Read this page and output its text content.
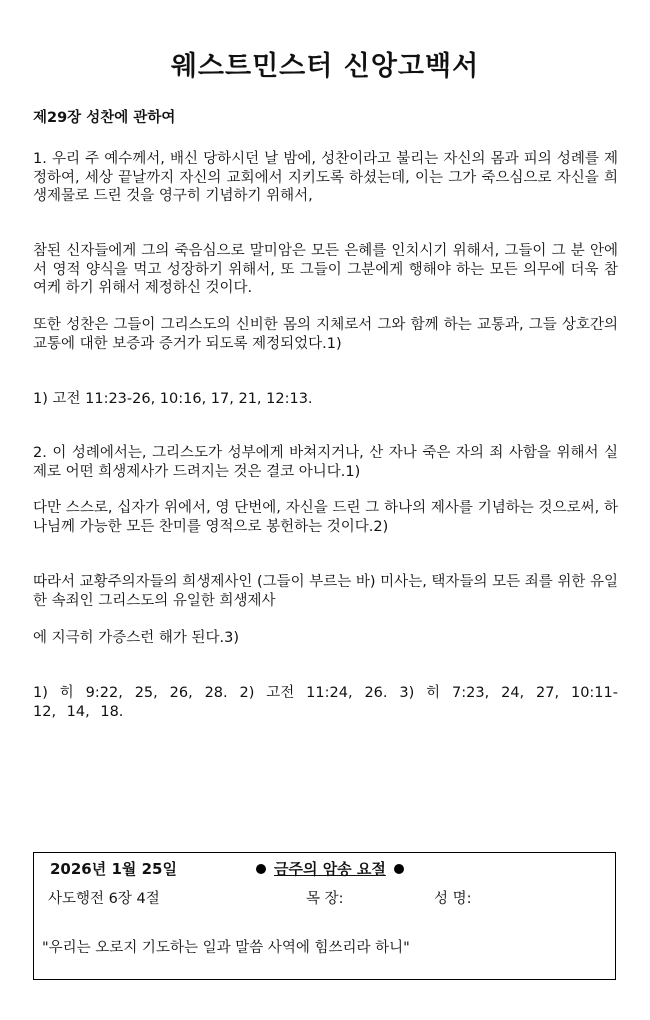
웨스트민스터 신앙고백서
제29장 성찬에 관하여
1. 우리 주 예수께서, 배신 당하시던 날 밤에, 성찬이라고 불리는 자신의 몸과 피의 성례를 제정하여, 세상 끝날까지 자신의 교회에서 지키도록 하셨는데, 이는 그가 죽으심으로 자신을 희생제물로 드린 것을 영구히 기념하기 위해서,
참된 신자들에게 그의 죽음심으로 말미암은 모든 은혜를 인치시기 위해서, 그들이 그 분 안에서 영적 양식을 먹고 성장하기 위해서, 또 그들이 그분에게 행해야 하는 모든 의무에 더욱 참여케 하기 위해서 제정하신 것이다.
또한 성찬은 그들이 그리스도의 신비한 몸의 지체로서 그와 함께 하는 교통과, 그들 상호간의 교통에 대한 보증과 증거가 되도록 제정되었다.1)
1) 고전 11:23-26, 10:16, 17, 21, 12:13.
2. 이 성례에서는, 그리스도가 성부에게 바쳐지거나, 산 자나 죽은 자의 죄 사함을 위해서 실제로 어떤 희생제사가 드려지는 것은 결코 아니다.1)
다만 스스로, 십자가 위에서, 영 단번에, 자신을 드린 그 하나의 제사를 기념하는 것으로써, 하나님께 가능한 모든 찬미를 영적으로 봉헌하는 것이다.2)
따라서 교황주의자들의 희생제사인 (그들이 부르는 바) 미사는, 택자들의 모든 죄를 위한 유일한 속죄인 그리스도의 유일한 희생제사
에 지극히 가증스런 해가 된다.3)
1) 히 9:22, 25, 26, 28. 2) 고전 11:24, 26. 3) 히 7:23, 24, 27, 10:11-12, 14, 18.
2026년 1월 25일	금주의 암송 요절
사도행전 6장 4절	목 장:	성 명:
"우리는 오로지 기도하는 일과 말씀 사역에 힘쓰리라 하니"
